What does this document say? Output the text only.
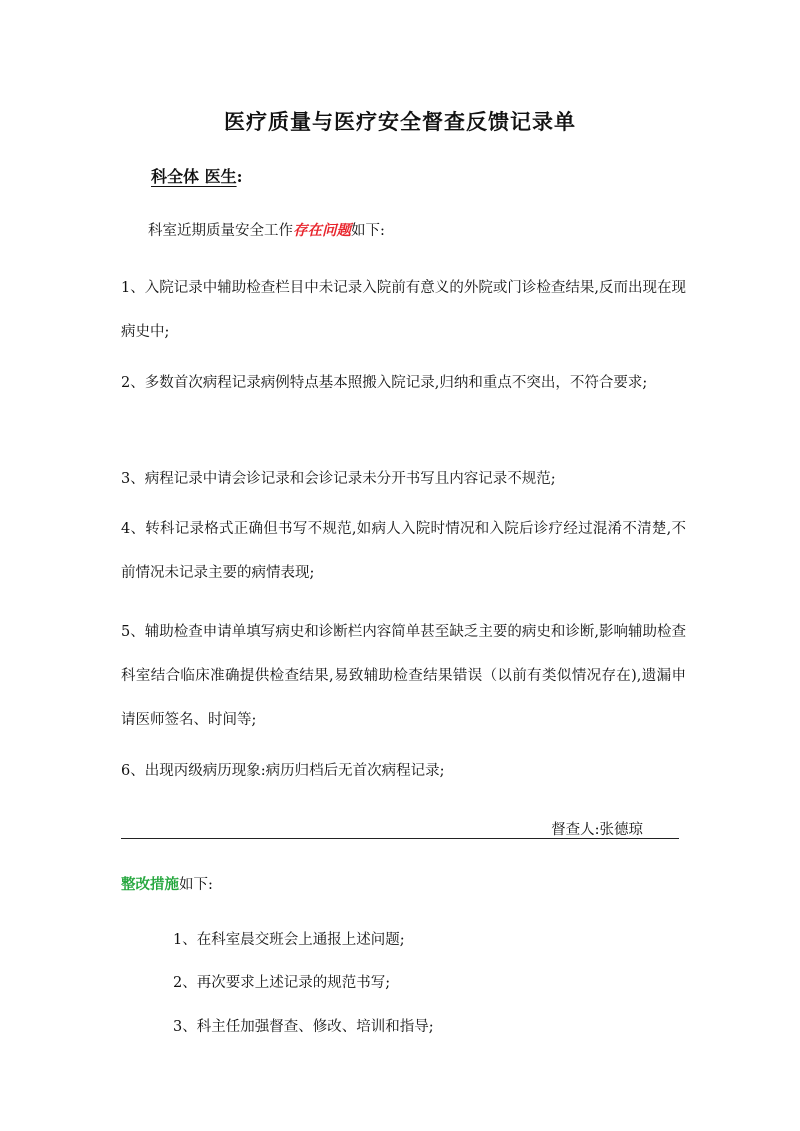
医疗质量与医疗安全督查反馈记录单
科全体 医生:
科室近期质量安全工作存在问题如下:
1、入院记录中辅助检查栏目中未记录入院前有意义的外院或门诊检查结果,反而出现在现病史中;
2、多数首次病程记录病例特点基本照搬入院记录,归纳和重点不突出，不符合要求;
3、病程记录中请会诊记录和会诊记录未分开书写且内容记录不规范;
4、转科记录格式正确但书写不规范,如病人入院时情况和入院后诊疗经过混淆不清楚,不前情况未记录主要的病情表现;
5、辅助检查申请单填写病史和诊断栏内容简单甚至缺乏主要的病史和诊断,影响辅助检查科室结合临床准确提供检查结果,易致辅助检查结果错误（以前有类似情况存在),遗漏申请医师签名、时间等;
6、出现丙级病历现象:病历归档后无首次病程记录;
督查人:张德琼
整改措施如下:
1、在科室晨交班会上通报上述问题;
2、再次要求上述记录的规范书写;
3、科主任加强督查、修改、培训和指导;
